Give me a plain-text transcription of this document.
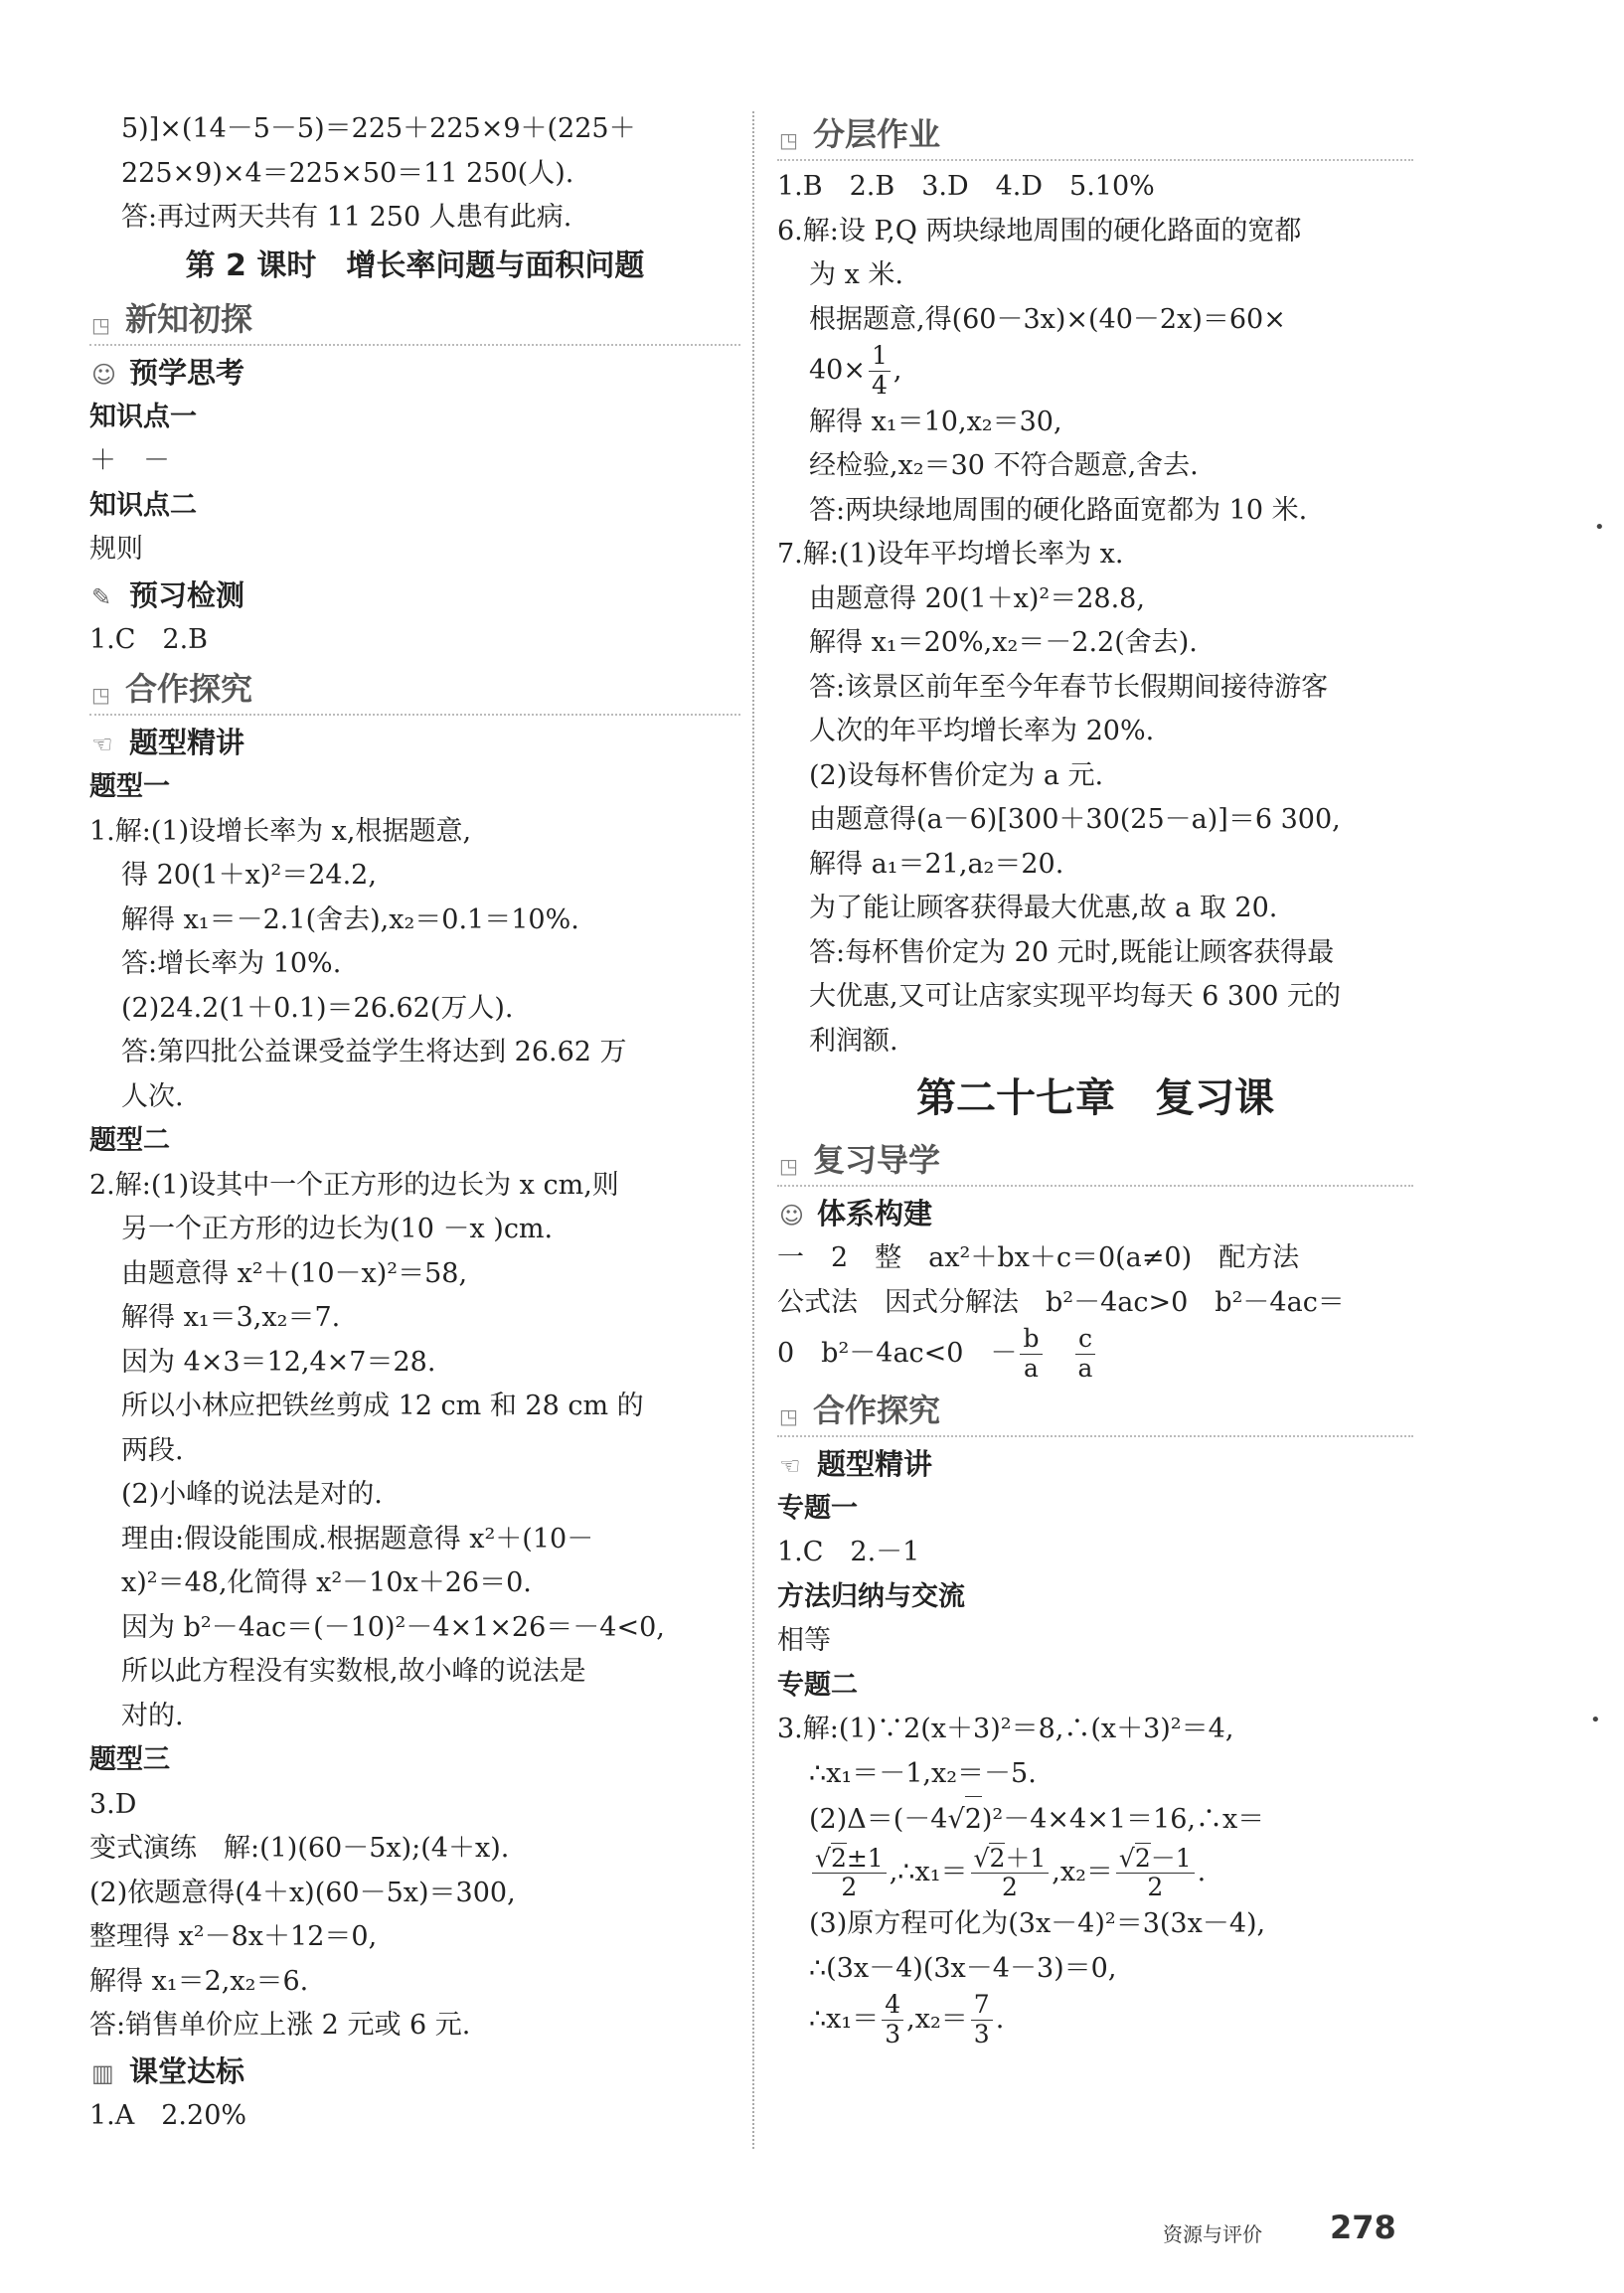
5)]×(14－5－5)＝225＋225×9＋(225＋
225×9)×4＝225×50＝11 250(人).
答:再过两天共有 11 250 人患有此病.
第 2 课时　增长率问题与面积问题
◳ 新知初探
☺ 预学思考
知识点一
＋　－
知识点二
规则
✎ 预习检测
1.C　2.B
◳ 合作探究
☜ 题型精讲
题型一
1.解:(1)设增长率为 x,根据题意,
得 20(1＋x)²＝24.2,
解得 x₁＝－2.1(舍去),x₂＝0.1＝10%.
答:增长率为 10%.
(2)24.2(1＋0.1)＝26.62(万人).
答:第四批公益课受益学生将达到 26.62 万
人次.
题型二
2.解:(1)设其中一个正方形的边长为 x cm,则
另一个正方形的边长为(10 －x )cm.
由题意得 x²＋(10－x)²＝58,
解得 x₁＝3,x₂＝7.
因为 4×3＝12,4×7＝28.
所以小林应把铁丝剪成 12 cm 和 28 cm 的
两段.
(2)小峰的说法是对的.
理由:假设能围成.根据题意得 x²＋(10－
x)²＝48,化简得 x²－10x＋26＝0.
因为 b²－4ac＝(－10)²－4×1×26＝－4<0,
所以此方程没有实数根,故小峰的说法是
对的.
题型三
3.D
变式演练　解:(1)(60－5x);(4＋x).
(2)依题意得(4＋x)(60－5x)＝300,
整理得 x²－8x＋12＝0,
解得 x₁＝2,x₂＝6.
答:销售单价应上涨 2 元或 6 元.
▥ 课堂达标
1.A　2.20%
◳ 分层作业
1.B　2.B　3.D　4.D　5.10%
6.解:设 P,Q 两块绿地周围的硬化路面的宽都
为 x 米.
根据题意,得(60－3x)×(40－2x)＝60×
$40\times \frac{1}{4}$ ,
解得 x₁＝10,x₂＝30,
经检验,x₂＝30 不符合题意,舍去.
答:两块绿地周围的硬化路面宽都为 10 米.
7.解:(1)设年平均增长率为 x.
由题意得 20(1＋x)²＝28.8,
解得 x₁＝20%,x₂＝－2.2(舍去).
答:该景区前年至今年春节长假期间接待游客
人次的年平均增长率为 20%.
(2)设每杯售价定为 a 元.
由题意得(a－6)[300＋30(25－a)]＝6 300,
解得 a₁＝21,a₂＝20.
为了能让顾客获得最大优惠,故 a 取 20.
答:每杯售价定为 20 元时,既能让顾客获得最
大优惠,又可让店家实现平均每天 6 300 元的
利润额.
第二十七章　复习课
◳ 复习导学
☺ 体系构建
一　2　整　ax²＋bx＋c＝0(a≠0)　配方法
公式法　因式分解法　b²－4ac>0　b²－4ac＝
0　b²－4ac<0　－ $\frac{b}{a}$
　 $\frac{c}{a}$
◳ 合作探究
☜ 题型精讲
专题一
1.C　2.－1
方法归纳与交流
相等
专题二
3.解:(1)∵2(x＋3)²＝8,∴(x＋3)²＝4,
∴x₁＝－1,x₂＝－5.
(2)Δ＝(－4√2)²－4×4×1＝16,∴x＝
$\frac{√2\pm 1}{2}$ ,∴x₁＝ $\frac{√2+1}{2} ,x_2= \frac{√2-1}{2}$ .
(3)原方程可化为(3x－4)²＝3(3x－4),
∴(3x－4)(3x－4－3)＝0,
∴x₁＝ $\frac{4}{3} ,x_2= \frac{7}{3}$ .
•
•
资源与评价 278
